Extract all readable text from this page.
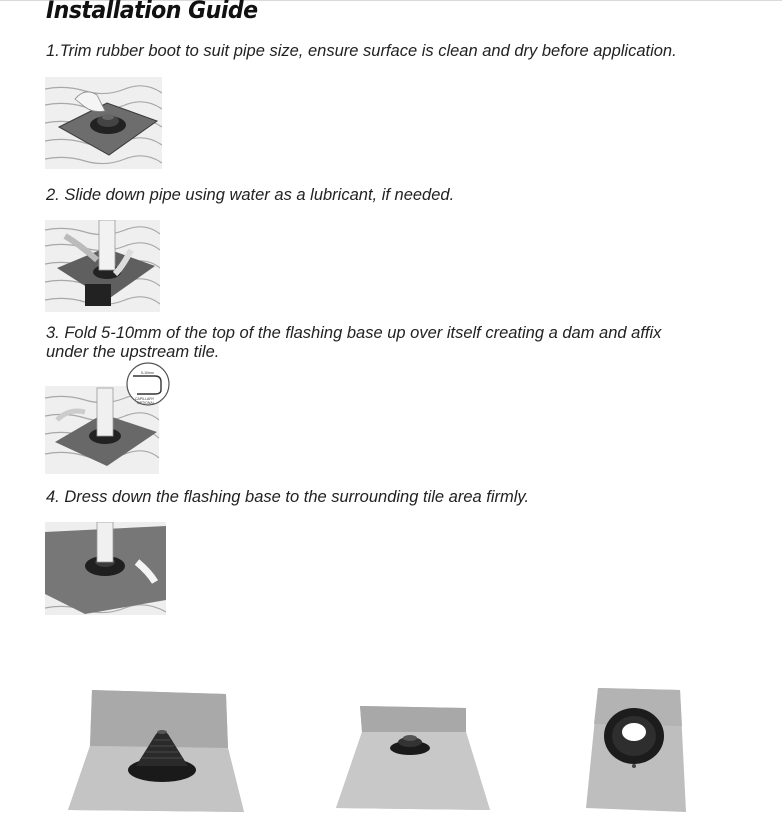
Installation Guide
1.Trim rubber boot to suit pipe size, ensure surface is clean and dry before application.
2. Slide down pipe using water as a lubricant, if needed.
3. Fold 5-10mm of the top of the flashing base up over itself creating a dam and affix
under the upstream tile.
5-10mm
CAPILLARY
OPTIONAL
4. Dress down the flashing base to the surrounding tile area firmly.
